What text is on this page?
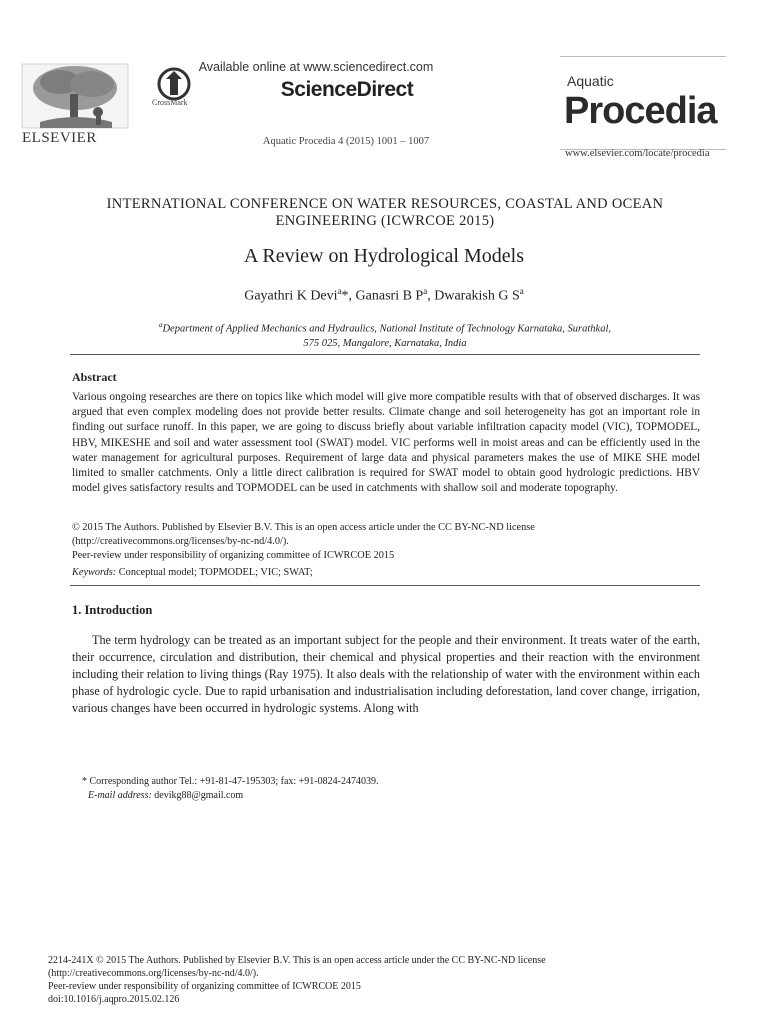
ELSEVIER
CrossMark
Available online at www.sciencedirect.com
ScienceDirect
Aquatic Procedia 4 (2015) 1001 – 1007
Aquatic
Procedia
www.elsevier.com/locate/procedia
INTERNATIONAL CONFERENCE ON WATER RESOURCES, COASTAL AND OCEAN ENGINEERING (ICWRCOE 2015)
A Review on Hydrological Models
Gayathri K Devi$^a$*, Ganasri B $P^a$, Dwarakish G $S^a$
$^a$Department of Applied Mechanics and Hydraulics, National Institute of Technology Karnataka, Surathkal,
575 025, Mangalore, Karnataka, India
Abstract
Various ongoing researches are there on topics like which model will give more compatible results with that of observed discharges. It was argued that even complex modeling does not provide better results. Climate change and soil heterogeneity has got an important role in finding out surface runoff. In this paper, we are going to discuss briefly about variable infiltration capacity model (VIC), TOPMODEL, HBV, MIKESHE and soil and water assessment tool (SWAT) model. VIC performs well in moist areas and can be efficiently used in the water management for agricultural purposes. Requirement of large data and physical parameters makes the use of MIKE SHE model limited to smaller catchments. Only a little direct calibration is required for SWAT model to obtain good hydrologic predictions. HBV model gives satisfactory results and TOPMODEL can be used in catchments with shallow soil and moderate topography.
© 2015 The Authors. Published by Elsevier B.V. This is an open access article under the CC BY-NC-ND license
(http://creativecommons.org/licenses/by-nc-nd/4.0/).
Peer-review under responsibility of organizing committee of ICWRCOE 2015
Keywords: Conceptual model; TOPMODEL; VIC; SWAT;
1. Introduction
The term hydrology can be treated as an important subject for the people and their environment. It treats water of the earth, their occurrence, circulation and distribution, their chemical and physical properties and their reaction with the environment including their relation to living things (Ray 1975). It also deals with the relationship of water with the environment within each phase of hydrologic cycle. Due to rapid urbanisation and industrialisation including deforestation, land cover change, irrigation, various changes have been occurred in hydrologic systems. Along with
* Corresponding author Tel.: +91-81-47-195303; fax: +91-0824-2474039.
E-mail address: devikg88@gmail.com
2214-241X © 2015 The Authors. Published by Elsevier B.V. This is an open access article under the CC BY-NC-ND license
(http://creativecommons.org/licenses/by-nc-nd/4.0/).
Peer-review under responsibility of organizing committee of ICWRCOE 2015
doi:10.1016/j.aqpro.2015.02.126
